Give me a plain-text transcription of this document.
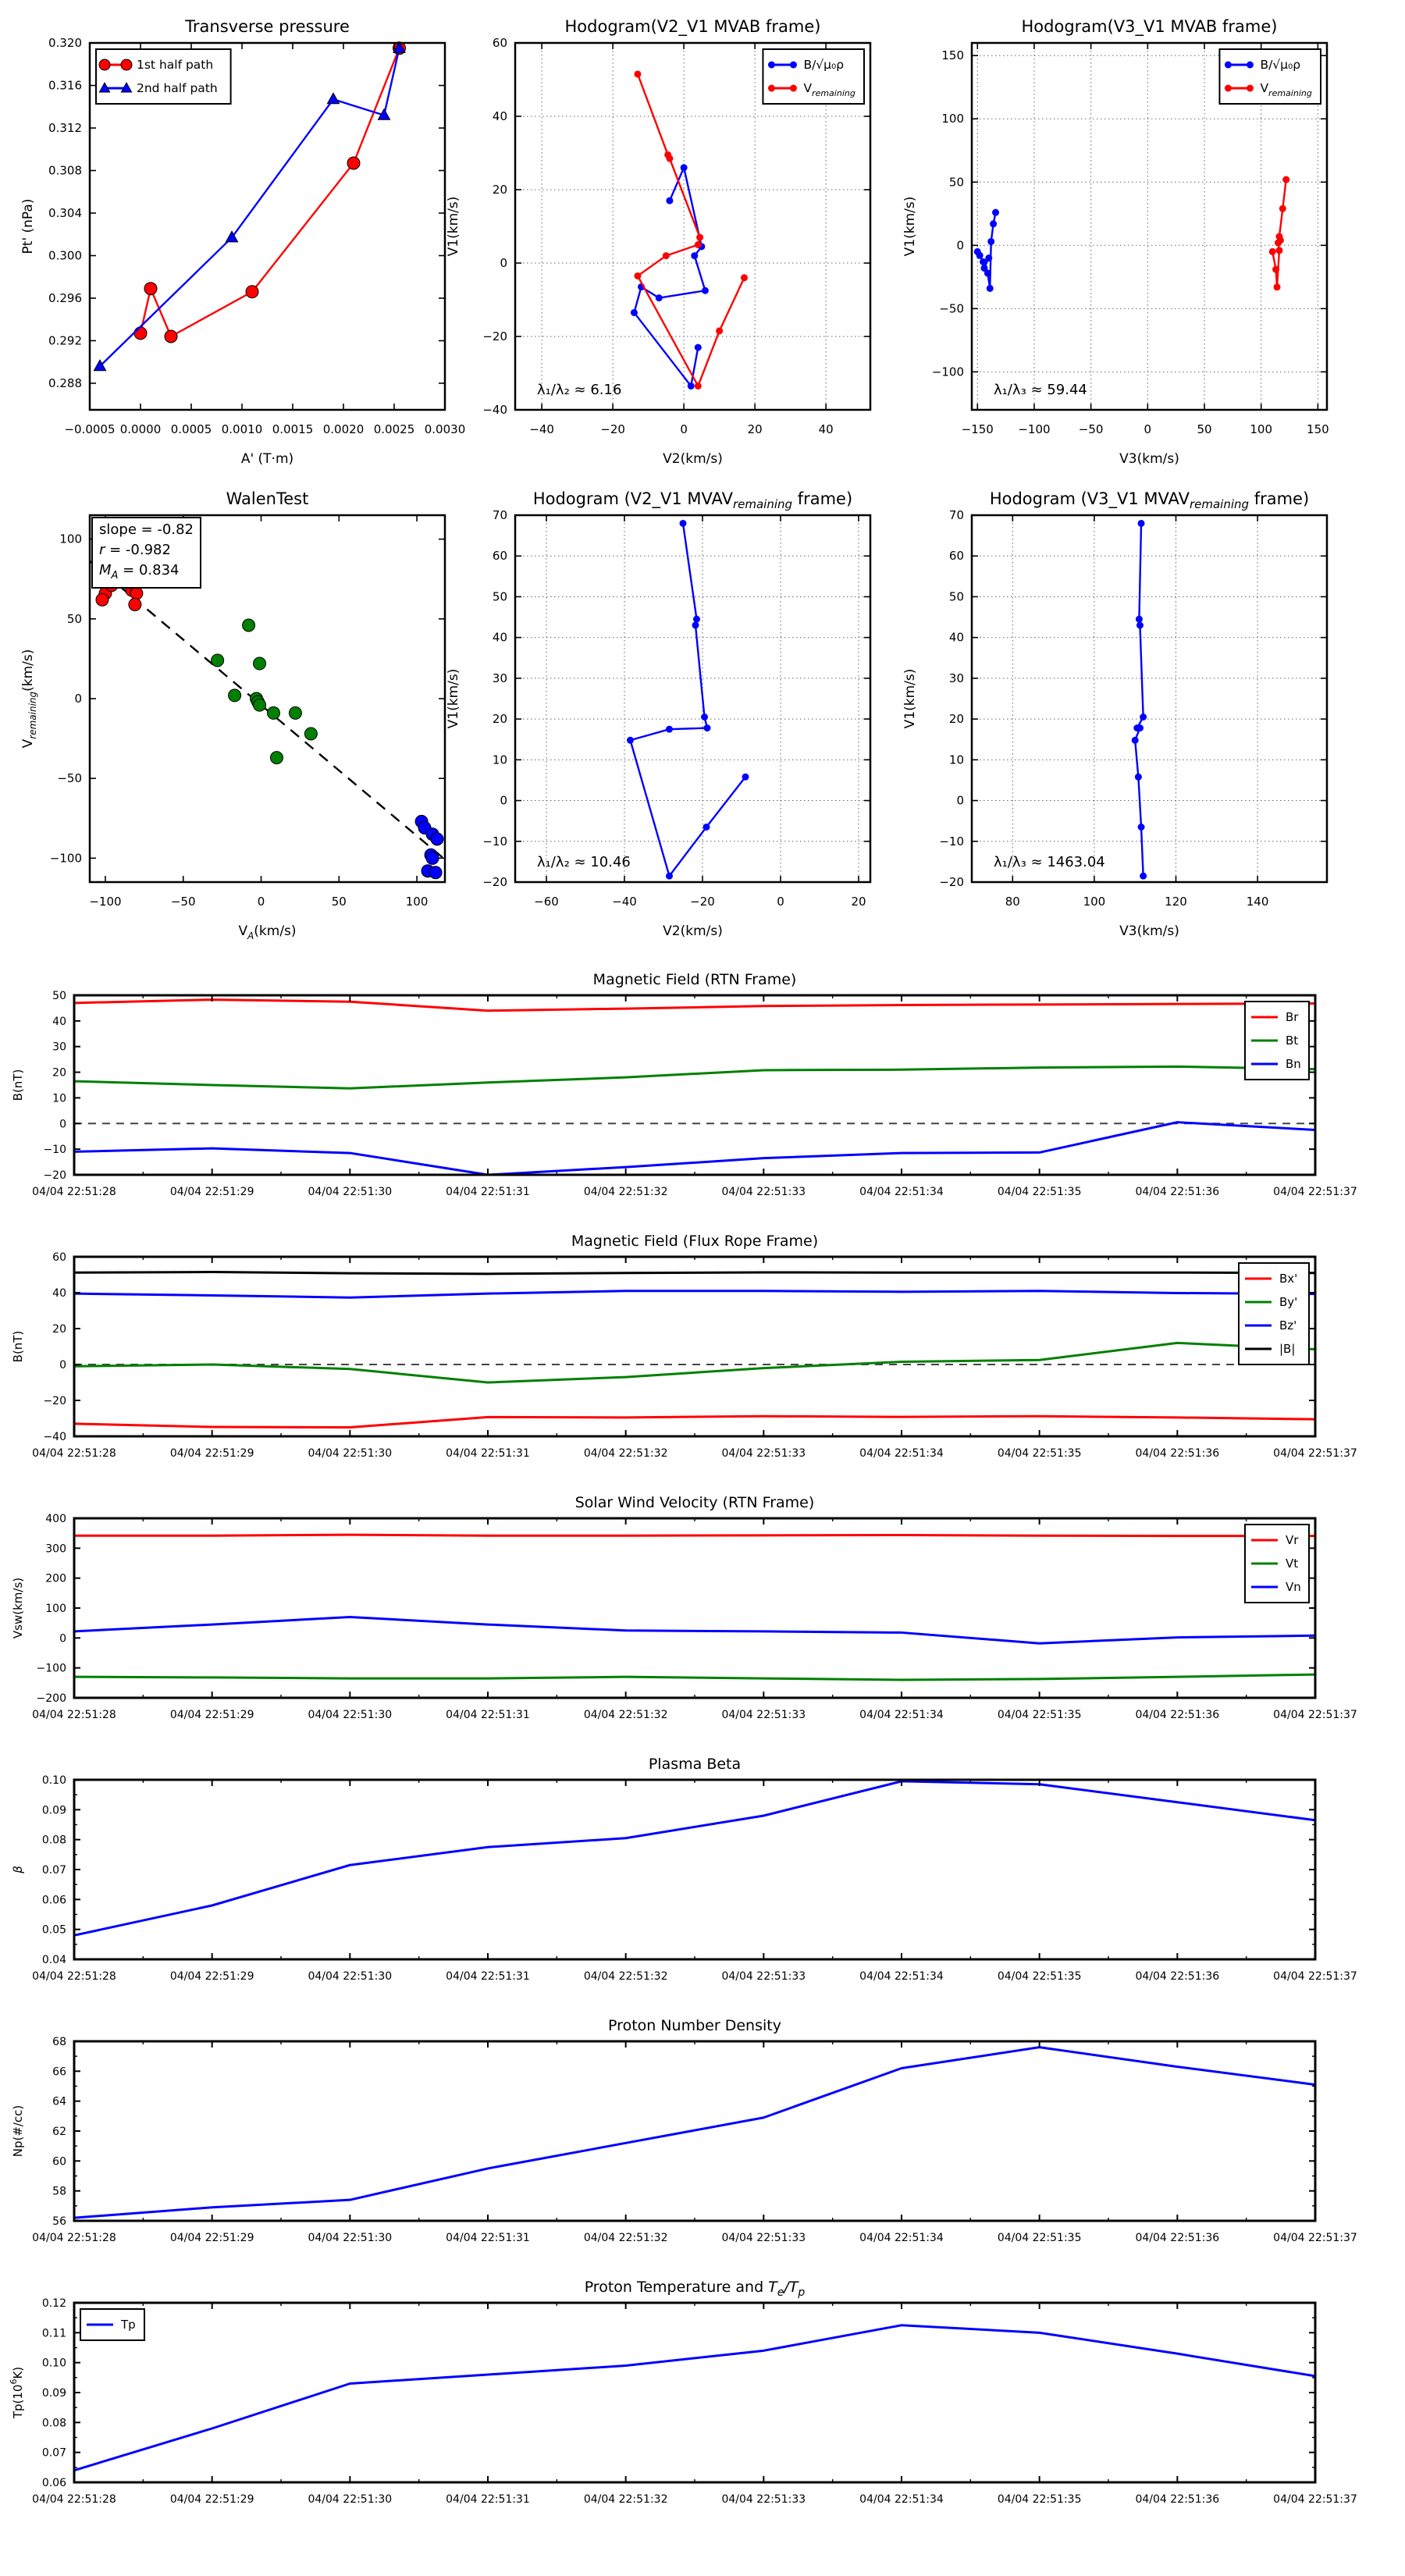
−0.0005 0.0000 0.0005 0.0010 0.0015 0.0020 0.0025 0.0030
0.288
0.292
0.296
0.300
0.304
0.308
0.312
0.316
0.320
Transverse pressure
A' (T·m)
Pt' (nPa)
1st half path
2nd half path
−40	−20	0	20	40
−40
−20
0
20
40
60
Hodogram(V2_V1 MVAB frame)
V2(km/s)
V1(km/s)
B/√μ₀ρ
$V_{remaining}$
λ₁/λ₂ ≈ 6.16
−150 −100 −50	0	50	100	150
−100
−50
0
50
100
150
Hodogram(V3_V1 MVAB frame)
V3(km/s)
V1(km/s)
B/√μ₀ρ
$V_{remaining}$
λ₁/λ₃ ≈ 59.44
−100	−50	0	50	100
−100
−50
0
50
100
WalenTest
$V_A(km/s)$
$V_{remaining}(km/s)$
slope = -0.82
r = -0.982
$M_A = 0.834$
−60	−40	−20	0	20
−20
−10
0
10
20
30
40
50
60
70
Hodogram (V2_V1 $MVAV_{remaining}$ frame)
V2(km/s)
V1(km/s)
λ₁/λ₂ ≈ 10.46
80	100	120	140
−20
−10
0
10
20
30
40
50
60
70
Hodogram (V3_V1 $MVAV_{remaining}$ frame)
V3(km/s)
V1(km/s)
λ₁/λ₃ ≈ 1463.04
04/04 22:51:28	04/04 22:51:29	04/04 22:51:30	04/04 22:51:31	04/04 22:51:32	04/04 22:51:33	04/04 22:51:34	04/04 22:51:35	04/04 22:51:36	04/04 22:51:37
−20
−10
0
10
20
30
40
50
Magnetic Field (RTN Frame)
B(nT)
Br
Bt
Bn
04/04 22:51:28	04/04 22:51:29	04/04 22:51:30	04/04 22:51:31	04/04 22:51:32	04/04 22:51:33	04/04 22:51:34	04/04 22:51:35	04/04 22:51:36	04/04 22:51:37
−40
−20
0
20
40
60
Magnetic Field (Flux Rope Frame)
B(nT)
Bx'
By'
Bz'
|B|
04/04 22:51:28	04/04 22:51:29	04/04 22:51:30	04/04 22:51:31	04/04 22:51:32	04/04 22:51:33	04/04 22:51:34	04/04 22:51:35	04/04 22:51:36	04/04 22:51:37
−200
−100
0
100
200
300
400
Solar Wind Velocity (RTN Frame)
Vsw(km/s)
Vr
Vt
Vn
04/04 22:51:28	04/04 22:51:29	04/04 22:51:30	04/04 22:51:31	04/04 22:51:32	04/04 22:51:33	04/04 22:51:34	04/04 22:51:35	04/04 22:51:36	04/04 22:51:37
0.04
0.05
0.06
0.07
0.08
0.09
0.10
Plasma Beta
β
04/04 22:51:28	04/04 22:51:29	04/04 22:51:30	04/04 22:51:31	04/04 22:51:32	04/04 22:51:33	04/04 22:51:34	04/04 22:51:35	04/04 22:51:36	04/04 22:51:37
56
58
60
62
64
66
68
Proton Number Density
Np(#/cc)
04/04 22:51:28	04/04 22:51:29	04/04 22:51:30	04/04 22:51:31	04/04 22:51:32	04/04 22:51:33	04/04 22:51:34	04/04 22:51:35	04/04 22:51:36	04/04 22:51:37
0.06
0.07
0.08
0.09
0.10
0.11
0.12
Proton Temperature and $T_e/T_p$
$Tp(10^6K)$
Tp
